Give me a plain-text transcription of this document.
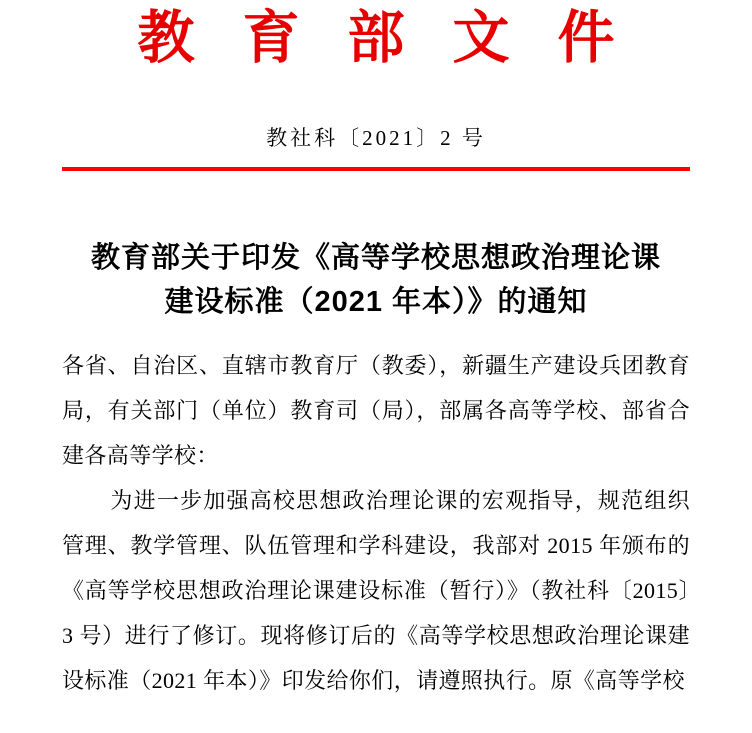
教育部文件
教社科〔2021〕2 号
教育部关于印发《高等学校思想政治理论课
建设标准（2021 年本）》的通知

各省、自治区、直辖市教育厅（教委），新疆生产建设兵团教育局，有关部门（单位）教育司（局），部属各高等学校、部省合建各高等学校：

为进一步加强高校思想政治理论课的宏观指导，规范组织管理、教学管理、队伍管理和学科建设，我部对 2015 年颁布的《高等学校思想政治理论课建设标准（暂行）》（教社科〔2015〕3 号）进行了修订。现将修订后的《高等学校思想政治理论课建设标准（2021 年本）》印发给你们，请遵照执行。原《高等学校
